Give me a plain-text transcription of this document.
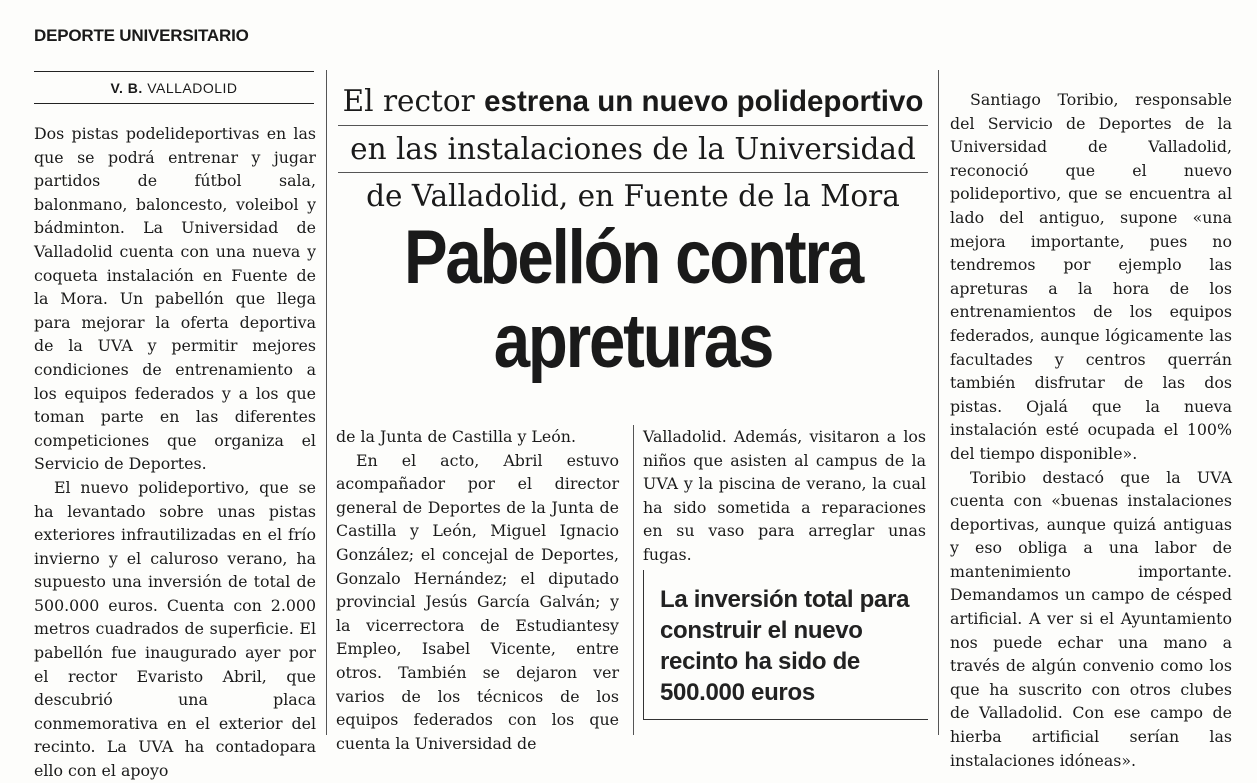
DEPORTE UNIVERSITARIO
V. B. VALLADOLID

Dos pistas podelideportivas en las que se podrá entrenar y jugar partidos de fútbol sala, balonmano, baloncesto, voleibol y bádminton. La Universidad de Valladolid cuenta con una nueva y coqueta instalación en Fuente de la Mora. Un pabellón que llega para mejorar la oferta deportiva de la UVA y permitir mejores condiciones de entrenamiento a los equipos federados y a los que toman parte en las diferentes competiciones que organiza el Servicio de Deportes.

El nuevo polideportivo, que se ha levantado sobre unas pistas exteriores infrautilizadas en el frío invierno y el caluroso verano, ha supuesto una inversión de total de 500.000 euros. Cuenta con 2.000 metros cuadrados de superficie. El pabellón fue inaugurado ayer por el rector Evaristo Abril, que descubrió una placa conmemorativa en el exterior del recinto. La UVA ha contadopara ello con el apoyo

El rector estrena un nuevo polideportivo
en las instalaciones de la Universidad
de Valladolid, en Fuente de la Mora
Pabellón contra
apreturas

de la Junta de Castilla y León.

En el acto, Abril estuvo acompañador por el director general de Deportes de la Junta de Castilla y León, Miguel Ignacio González; el concejal de Deportes, Gonzalo Hernández; el diputado provincial Jesús García Galván; y la vicerrectora de Estudiantesy Empleo, Isabel Vicente, entre otros. También se dejaron ver varios de los técnicos de los equipos federados con los que cuenta la Universidad de

Valladolid. Además, visitaron a los niños que asisten al campus de la UVA y la piscina de verano, la cual ha sido sometida a reparaciones en su vaso para arreglar unas fugas.

La inversión total para construir el nuevo recinto ha sido de 500.000 euros

Santiago Toribio, responsable del Servicio de Deportes de la Universidad de Valladolid, reconoció que el nuevo polideportivo, que se encuentra al lado del antiguo, supone «una mejora importante, pues no tendremos por ejemplo las apreturas a la hora de los entrenamientos de los equipos federados, aunque lógicamente las facultades y centros querrán también disfrutar de las dos pistas. Ojalá que la nueva instalación esté ocupada el 100% del tiempo disponible».

Toribio destacó que la UVA cuenta con «buenas instalaciones deportivas, aunque quizá antiguas y eso obliga a una labor de mantenimiento importante. Demandamos un campo de césped artificial. A ver si el Ayuntamiento nos puede echar una mano a través de algún convenio como los que ha suscrito con otros clubes de Valladolid. Con ese campo de hierba artificial serían las instalaciones idóneas».
